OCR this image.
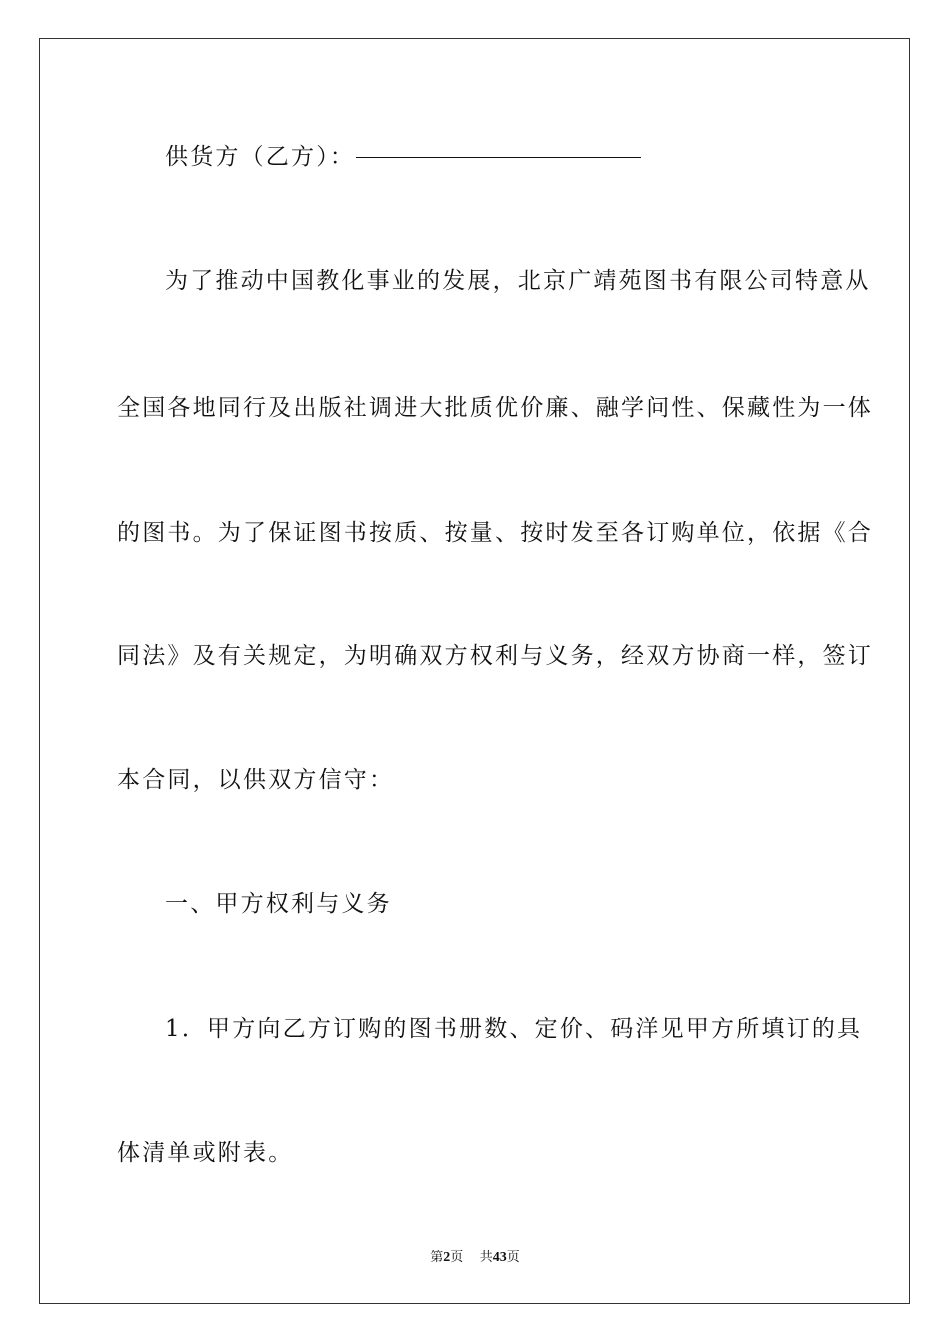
供货方（乙方）：
为了推动中国教化事业的发展，北京广靖苑图书有限公司特意从
全国各地同行及出版社调进大批质优价廉、融学问性、保藏性为一体
的图书。为了保证图书按质、按量、按时发至各订购单位，依据《合
同法》及有关规定，为明确双方权利与义务，经双方协商一样，签订
本合同，以供双方信守：
一、甲方权利与义务
1．甲方向乙方订购的图书册数、定价、码洋见甲方所填订的具
体清单或附表。
第2页 共43页
